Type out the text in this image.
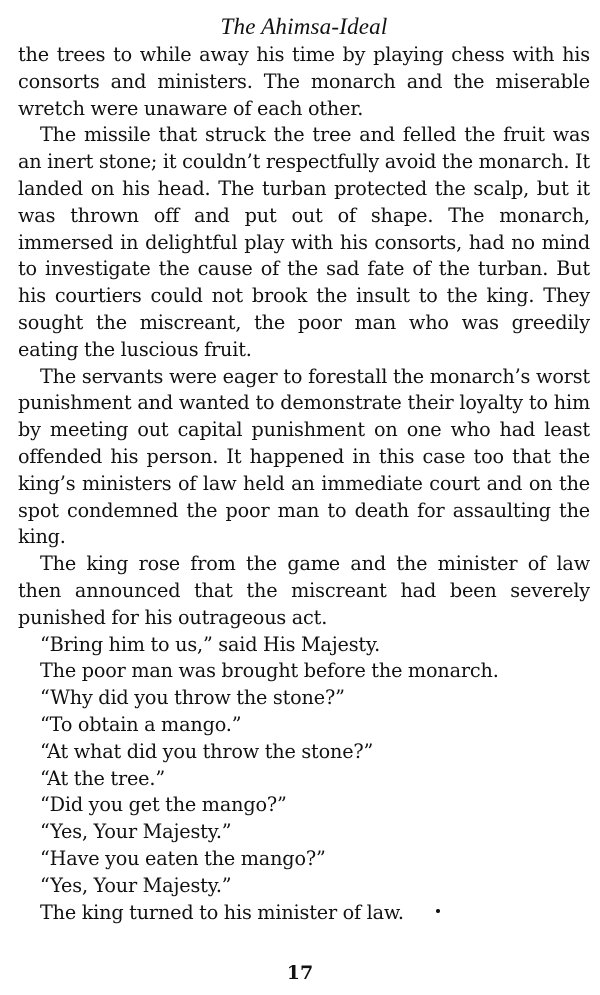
The Ahimsa-Ideal

the trees to while away his time by playing chess with his consorts and ministers. The monarch and the miserable wretch were unaware of each other.

The missile that struck the tree and felled the fruit was an inert stone; it couldn’t respectfully avoid the monarch. It landed on his head. The turban protected the scalp, but it was thrown off and put out of shape. The monarch, immersed in delightful play with his consorts, had no mind to investigate the cause of the sad fate of the turban. But his courtiers could not brook the insult to the king. They sought the miscreant, the poor man who was greedily eating the luscious fruit.

The servants were eager to forestall the monarch’s worst punishment and wanted to demonstrate their loyalty to him by meeting out capital punishment on one who had least offended his person. It happened in this case too that the king’s ministers of law held an immediate court and on the spot condemned the poor man to death for assaulting the king.

The king rose from the game and the minister of law then announced that the miscreant had been severely punished for his outrageous act.

“Bring him to us,” said His Majesty.

The poor man was brought before the monarch.

“Why did you throw the stone?”

“To obtain a mango.”

“At what did you throw the stone?”

“At the tree.”

“Did you get the mango?”

“Yes, Your Majesty.”

“Have you eaten the mango?”

“Yes, Your Majesty.”

The king turned to his minister of law.

17
